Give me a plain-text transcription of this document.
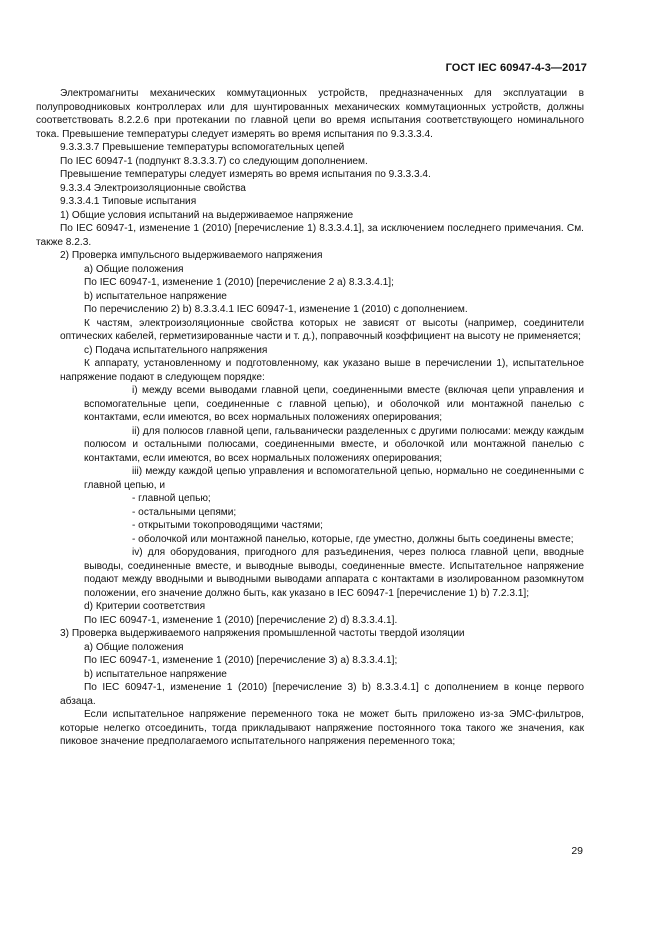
ГОСТ IEC 60947-4-3—2017

Электромагниты механических коммутационных устройств, предназначенных для эксплуатации в полупроводниковых контроллерах или для шунтированных механических коммутационных устройств, должны соответствовать 8.2.2.6 при протекании по главной цепи во время испытания соответствующего номинального тока. Превышение температуры следует измерять во время испытания по 9.3.3.3.4.

9.3.3.3.7 Превышение температуры вспомогательных цепей

По IEC 60947-1 (подпункт 8.3.3.3.7) со следующим дополнением.

Превышение температуры следует измерять во время испытания по 9.3.3.3.4.

9.3.3.4 Электроизоляционные свойства

9.3.3.4.1 Типовые испытания

1) Общие условия испытаний на выдерживаемое напряжение

По IEC 60947-1, изменение 1 (2010) [перечисление 1) 8.3.3.4.1], за исключением последнего примечания. См. также 8.2.3.

2) Проверка импульсного выдерживаемого напряжения

a) Общие положения

По IEC 60947-1, изменение 1 (2010) [перечисление 2 a) 8.3.3.4.1];

b) испытательное напряжение

По перечислению 2) b) 8.3.3.4.1 IEC 60947-1, изменение 1 (2010) с дополнением.

К частям, электроизоляционные свойства которых не зависят от высоты (например, соединители оптических кабелей, герметизированные части и т. д.), поправочный коэффициент на высоту не применяется;

c) Подача испытательного напряжения

К аппарату, установленному и подготовленному, как указано выше в перечислении 1), испытательное напряжение подают в следующем порядке:

i) между всеми выводами главной цепи, соединенными вместе (включая цепи управления и вспомогательные цепи, соединенные с главной цепью), и оболочкой или монтажной панелью с контактами, если имеются, во всех нормальных положениях оперирования;

ii) для полюсов главной цепи, гальванически разделенных с другими полюсами: между каждым полюсом и остальными полюсами, соединенными вместе, и оболочкой или монтажной панелью с контактами, если имеются, во всех нормальных положениях оперирования;

iii) между каждой цепью управления и вспомогательной цепью, нормально не соединенными с главной цепью, и

- главной цепью;

- остальными цепями;

- открытыми токопроводящими частями;

- оболочкой или монтажной панелью, которые, где уместно, должны быть соединены вместе;

iv) для оборудования, пригодного для разъединения, через полюса главной цепи, вводные выводы, соединенные вместе, и выводные выводы, соединенные вместе. Испытательное напряжение подают между вводными и выводными выводами аппарата с контактами в изолированном разомкнутом положении, его значение должно быть, как указано в IEC 60947-1 [перечисление 1) b) 7.2.3.1];

d) Критерии соответствия

По IEC 60947-1, изменение 1 (2010) [перечисление 2) d) 8.3.3.4.1].

3) Проверка выдерживаемого напряжения промышленной частоты твердой изоляции

a) Общие положения

По IEC 60947-1, изменение 1 (2010) [перечисление 3) a) 8.3.3.4.1];

b) испытательное напряжение

По IEC 60947-1, изменение 1 (2010) [перечисление 3) b) 8.3.3.4.1] с дополнением в конце первого абзаца.

Если испытательное напряжение переменного тока не может быть приложено из-за ЭМС-фильтров, которые нелегко отсоединить, тогда прикладывают напряжение постоянного тока такого же значения, как пиковое значение предполагаемого испытательного напряжения переменного тока;

29
